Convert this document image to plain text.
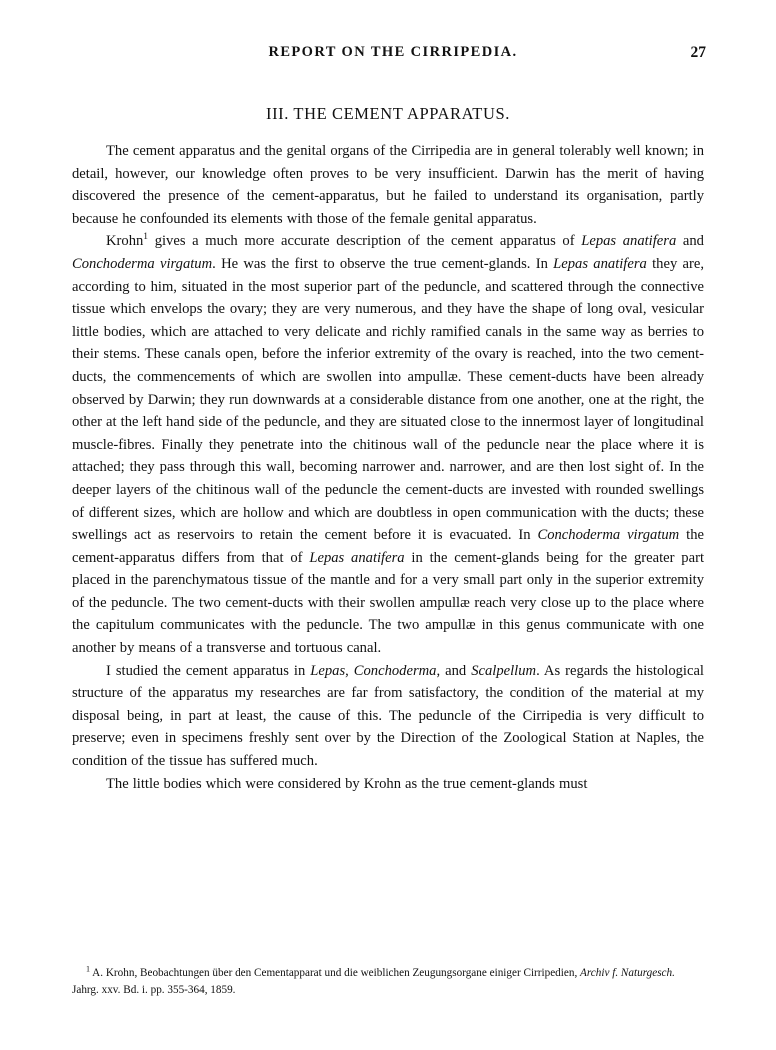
REPORT ON THE CIRRIPEDIA.	27
III. THE CEMENT APPARATUS.

The cement apparatus and the genital organs of the Cirripedia are in general tolerably well known; in detail, however, our knowledge often proves to be very insufficient. Darwin has the merit of having discovered the presence of the cement-apparatus, but he failed to understand its organisation, partly because he confounded its elements with those of the female genital apparatus.

Krohn$^1$ gives a much more accurate description of the cement apparatus of Lepas anatifera and Conchoderma virgatum. He was the first to observe the true cement-glands. In Lepas anatifera they are, according to him, situated in the most superior part of the peduncle, and scattered through the connective tissue which envelops the ovary; they are very numerous, and they have the shape of long oval, vesicular little bodies, which are attached to very delicate and richly ramified canals in the same way as berries to their stems. These canals open, before the inferior extremity of the ovary is reached, into the two cement-ducts, the commencements of which are swollen into ampullæ. These cement-ducts have been already observed by Darwin; they run downwards at a considerable distance from one another, one at the right, the other at the left hand side of the peduncle, and they are situated close to the innermost layer of longitudinal muscle-fibres. Finally they penetrate into the chitinous wall of the peduncle near the place where it is attached; they pass through this wall, becoming narrower and. narrower, and are then lost sight of. In the deeper layers of the chitinous wall of the peduncle the cement-ducts are invested with rounded swellings of different sizes, which are hollow and which are doubtless in open communication with the ducts; these swellings act as reservoirs to retain the cement before it is evacuated. In Conchoderma virgatum the cement-apparatus differs from that of Lepas anatifera in the cement-glands being for the greater part placed in the parenchymatous tissue of the mantle and for a very small part only in the superior extremity of the peduncle. The two cement-ducts with their swollen ampullæ reach very close up to the place where the capitulum communicates with the peduncle. The two ampullæ in this genus communicate with one another by means of a transverse and tortuous canal.

I studied the cement apparatus in Lepas, Conchoderma, and Scalpellum. As regards the histological structure of the apparatus my researches are far from satisfactory, the condition of the material at my disposal being, in part at least, the cause of this. The peduncle of the Cirripedia is very difficult to preserve; even in specimens freshly sent over by the Direction of the Zoological Station at Naples, the condition of the tissue has suffered much.

The little bodies which were considered by Krohn as the true cement-glands must

$^1$ A. Krohn, Beobachtungen über den Cementapparat und die weiblichen Zeugungsorgane einiger Cirripedien, Archiv f. Naturgesch. Jahrg. xxv. Bd. i. pp. 355-364, 1859.
